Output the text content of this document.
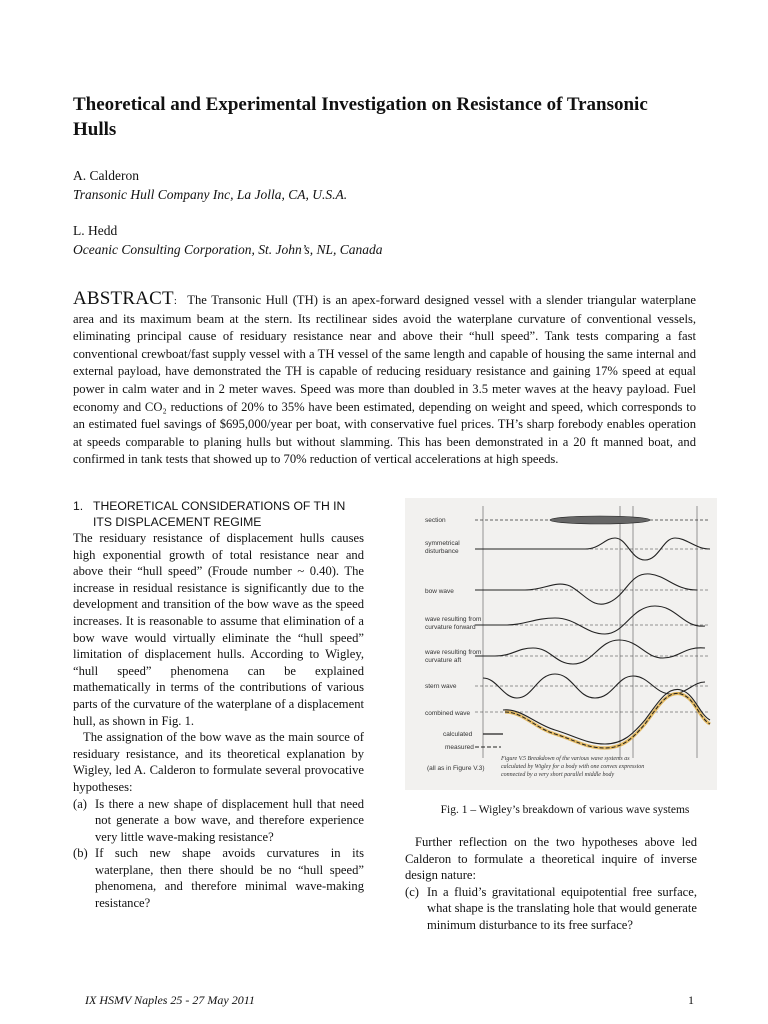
Theoretical and Experimental Investigation on Resistance of Transonic Hulls
A. Calderon
Transonic Hull Company Inc, La Jolla, CA, U.S.A.
L. Hedd
Oceanic Consulting Corporation, St. John’s, NL, Canada
ABSTRACT: The Transonic Hull (TH) is an apex-forward designed vessel with a slender triangular waterplane area and its maximum beam at the stern. Its rectilinear sides avoid the waterplane curvature of conventional vessels, eliminating principal cause of residuary resistance near and above their “hull speed”. Tank tests comparing a fast conventional crewboat/fast supply vessel with a TH vessel of the same length and capable of housing the same internal and external payload, have demonstrated the TH is capable of reducing residuary resistance and gaining 17% speed at equal power in calm water and in 2 meter waves. Speed was more than doubled in 3.5 meter waves at the heavy payload. Fuel economy and CO₂ reductions of 20% to 35% have been estimated, depending on weight and speed, which corresponds to an estimated fuel savings of $695,000/year per boat, with conservative fuel prices. TH’s sharp forebody enables operation at speeds comparable to planing hulls but without slamming. This has been demonstrated in a 20 ft manned boat, and confirmed in tank tests that showed up to 70% reduction of vertical accelerations at high speeds.
1. THEORETICAL CONSIDERATIONS OF TH IN ITS DISPLACEMENT REGIME

The residuary resistance of displacement hulls causes high exponential growth of total resistance near and above their “hull speed” (Froude number ~ 0.40). The increase in residual resistance is significantly due to the development and transition of the bow wave as the speed increases. It is reasonable to assume that elimination of a bow wave would virtually eliminate the “hull speed” limitation of displacement hulls. According to Wigley, “hull speed” phenomena can be explained mathematically in terms of the contributions of various parts of the curvature of the waterplane of a displacement hull, as shown in Fig. 1.

The assignation of the bow wave as the main source of residuary resistance, and its theoretical explanation by Wigley, led A. Calderon to formulate several provocative hypotheses:

(a) Is there a new shape of displacement hull that need not generate a bow wave, and therefore experience very little wave-making resistance?
(b) If such new shape avoids curvatures in its waterplane, then there should be no “hull speed” phenomena, and therefore minimal wave-making resistance?
section
symmetrical
disturbance
bow wave
wave resulting from
curvature forward
wave resulting from
curvature aft
stern wave
combined wave
calculated
measured
(all as in Figure V.3)
Figure V.5 Breakdown of the various wave systems as
calculated by Wigley for a body with one convex expression
connected by a very short parallel middle body
Fig. 1 – Wigley’s breakdown of various wave systems

Further reflection on the two hypotheses above led Calderon to formulate a theoretical inquire of inverse design nature:

(c) In a fluid’s gravitational equipotential free surface, what shape is the translating hole that would generate minimum disturbance to its free surface?
IX HSMV Naples 25 - 27 May 2011	1
